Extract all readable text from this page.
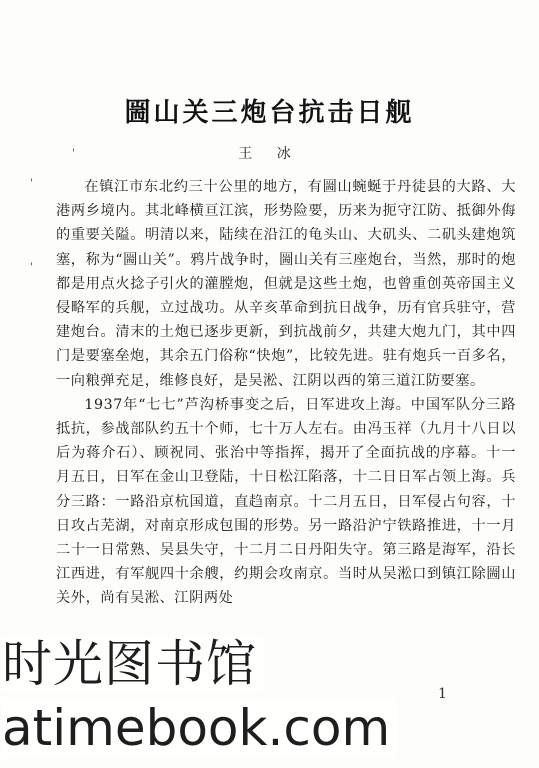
圌山关三炮台抗击日舰
王 冰
'
'
'

在镇江市东北约三十公里的地方，有圌山蜿蜒于丹徒县的大路、大港两乡境内。其北峰横亘江滨，形势险要，历来为扼守江防、抵御外侮的重要关隘。明清以来，陆续在沿江的龟头山、大矶头、二矶头建炮筑塞，称为“圌山关”。鸦片战争时，圌山关有三座炮台，当然，那时的炮都是用点火捻子引火的灌膛炮，但就是这些土炮，也曾重创英帝国主义侵略军的兵舰，立过战功。从辛亥革命到抗日战争，历有官兵驻守，营建炮台。清末的土炮已逐步更新，到抗战前夕，共建大炮九门，其中四门是要塞垒炮，其余五门俗称“快炮”，比较先进。驻有炮兵一百多名，一向粮弹充足，维修良好，是吴淞、江阴以西的第三道江防要塞。

1937年“七七”芦沟桥事变之后，日军进攻上海。中国军队分三路抵抗，参战部队约五十个师，七十万人左右。由冯玉祥（九月十八日以后为蒋介石）、顾祝同、张治中等指挥，揭开了全面抗战的序幕。十一月五日，日军在金山卫登陆，十日松江陷落，十二日日军占领上海。兵分三路：一路沿京杭国道，直趋南京。十二月五日，日军侵占句容，十日攻占芜湖，对南京形成包围的形势。另一路沿沪宁铁路推进，十一月二十一日常熟、吴县失守，十二月二日丹阳失守。第三路是海军，沿长江西进，有军舰四十余艘，约期会攻南京。当时从吴淞口到镇江除圌山关外，尚有吴淞、江阴两处

1
时光图书馆
atimebook.com
